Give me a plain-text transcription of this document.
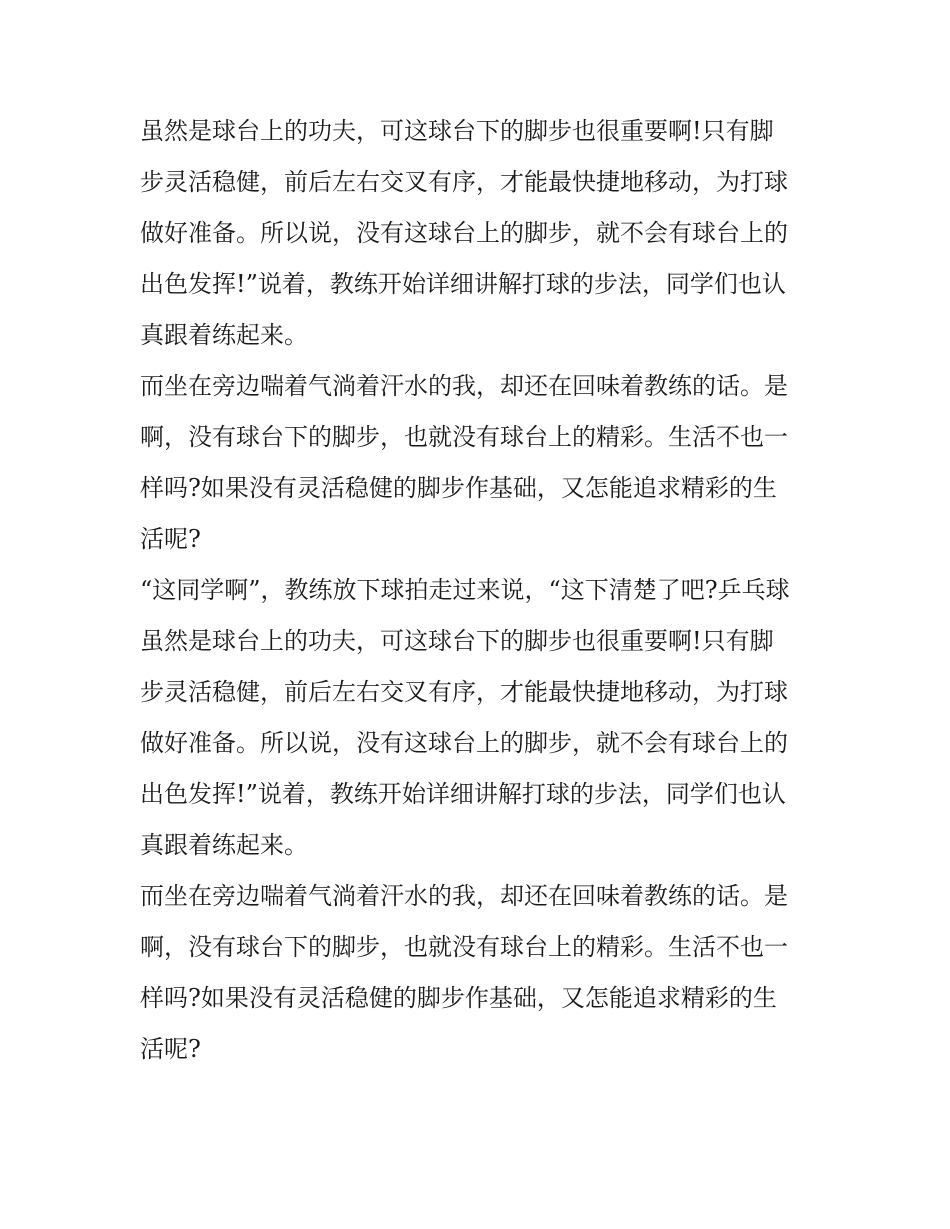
虽然是球台上的功夫，可这球台下的脚步也很重要啊!只有脚
步灵活稳健，前后左右交叉有序，才能最快捷地移动，为打球
做好准备。所以说，没有这球台上的脚步，就不会有球台上的
出色发挥!”说着，教练开始详细讲解打球的步法，同学们也认
真跟着练起来。
而坐在旁边喘着气淌着汗水的我，却还在回味着教练的话。是
啊，没有球台下的脚步，也就没有球台上的精彩。生活不也一
样吗?如果没有灵活稳健的脚步作基础，又怎能追求精彩的生
活呢?
“这同学啊”，教练放下球拍走过来说，“这下清楚了吧?乒乓球
虽然是球台上的功夫，可这球台下的脚步也很重要啊!只有脚
步灵活稳健，前后左右交叉有序，才能最快捷地移动，为打球
做好准备。所以说，没有这球台上的脚步，就不会有球台上的
出色发挥!”说着，教练开始详细讲解打球的步法，同学们也认
真跟着练起来。
而坐在旁边喘着气淌着汗水的我，却还在回味着教练的话。是
啊，没有球台下的脚步，也就没有球台上的精彩。生活不也一
样吗?如果没有灵活稳健的脚步作基础，又怎能追求精彩的生
活呢?
